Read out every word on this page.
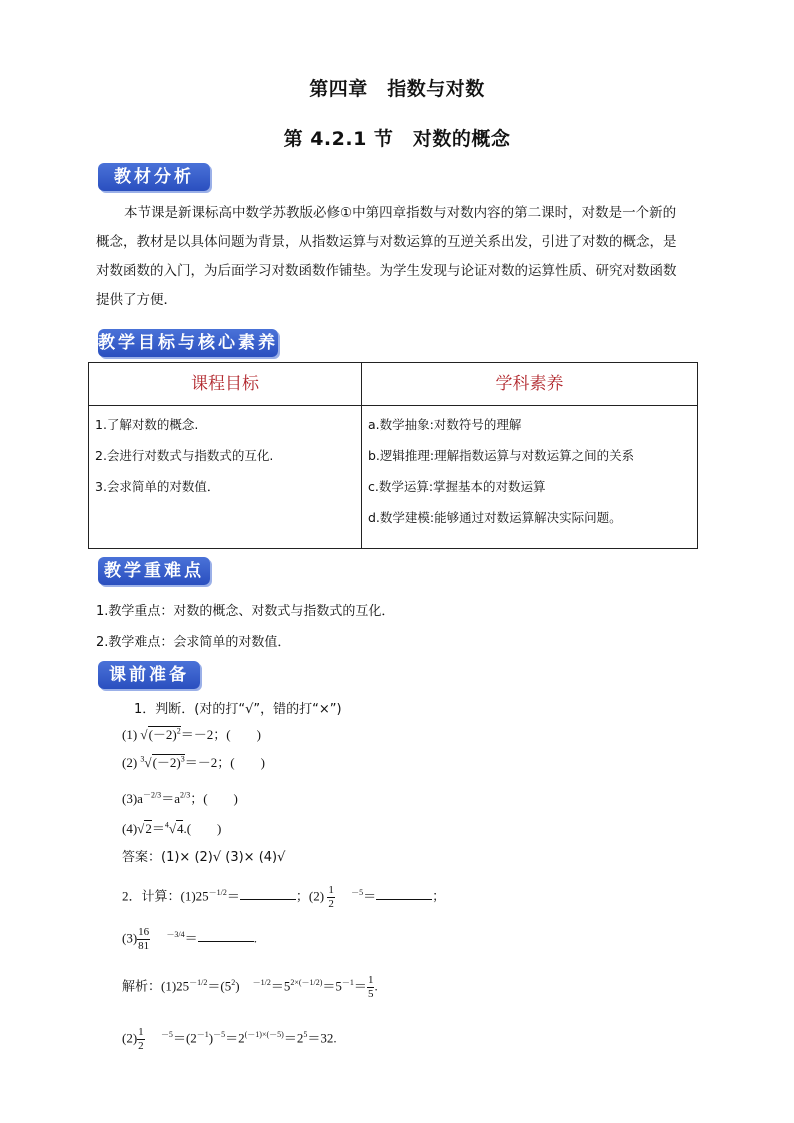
第四章　指数与对数
第 4.2.1 节　对数的概念
教材分析
本节课是新课标高中数学苏教版必修①中第四章指数与对数内容的第二课时，对数是一个新的
概念，教材是以具体问题为背景，从指数运算与对数运算的互逆关系出发，引进了对数的概念，是
对数函数的入门，为后面学习对数函数作铺垫。为学生发现与论证对数的运算性质、研究对数函数
提供了方便．
教学目标与核心素养
课程目标	学科素养
1.了解对数的概念.
2.会进行对数式与指数式的互化.
3.会求简单的对数值．
a.数学抽象:对数符号的理解
b.逻辑推理:理解指数运算与对数运算之间的关系
c.数学运算:掌握基本的对数运算
d.数学建模:能够通过对数运算解决实际问题。
教学重难点
1.教学重点：对数的概念、对数式与指数式的互化．
2.教学难点：会求简单的对数值．
课前准备
1．判断．(对的打“√”，错的打“×”)
(1) $√(-2)^2=-2$；(　　)
(2) $^3√(-2)^3=-2$；(　　)
$(3)a^{-2/3}=a^{2/3}$；(　　)
(4)√2＝$^4$√4.(　　)
答案：(1)× (2)√ (3)× (4)√
2．计算：$(1)25^{-1/2}=$	；$(2) \frac{1}{2}$
　 $^{-5}$＝	；
$(3) \frac{16}{81}$
　 $^{-3/4}$＝	.
解析：$(1)25^{-1/2}=(5^2)$　$^{-1/2}=5^{2\times(-1/2)}=5^{-1}= \frac{1}{5}$ .
$(2) \frac{1}{2}$
　 $^{-5}=(2^{-1})^{-5}=2^{(-1)\times(-5)}=2^5=32$.
